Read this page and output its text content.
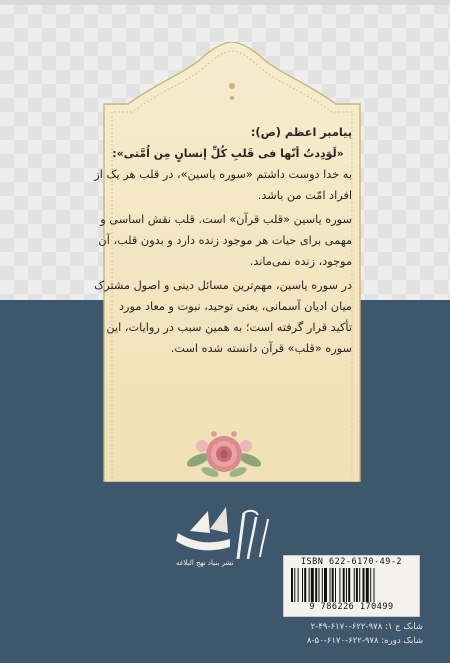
پیامبر اعظم (ص):

«لَوَدِدتُ أنّها فی قَلبِ کُلِّ إنسانٍ مِن اُمَّتی»:

به خدا دوست داشتم «سوره یاسین»، در قلب هر یک از

افراد امّت من باشد.

سوره یاسین «قلب قرآن» است. قلب نقش اساسی و

مهمی برای حیات هر موجود زنده دارد و بدون قلب، آن

موجود، زنده نمی‌ماند.

در سوره یاسین، مهم‌ترین مسائل دینی و اصول مشترک

میان ادیان آسمانی، یعنی توحید، نبوت و معاد مورد

تأکید قرار گرفته است؛ به همین سبب در روایات، این

سوره «قلب» قرآن دانسته شده است.

نشر بنیاد نهج البلاغه	ISBN 622-6170-49-2
9 786226 170499
شابک ج ۱: ۹۷۸-۶۲۲-۶۱۷۰-۴۹-۲
شابک دوره: ۹۷۸-۶۲۲-۶۱۷۰-۵۰-۸
